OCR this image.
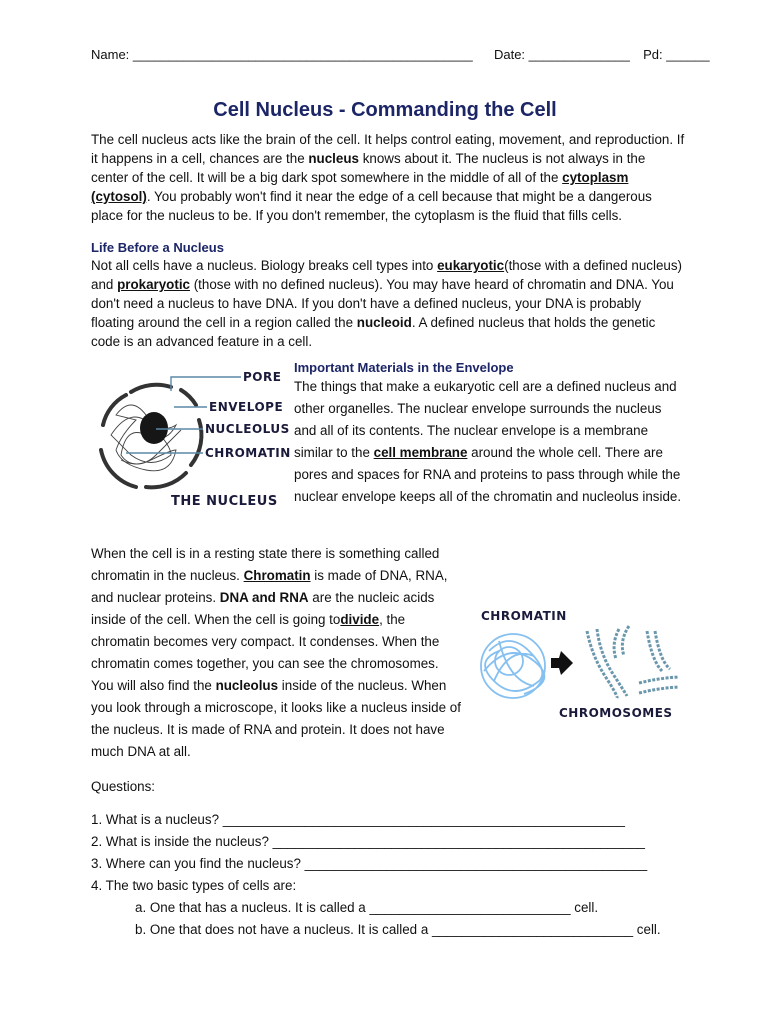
Name: _______________________________________________ Date: ______________ Pd: ______
Cell Nucleus - Commanding the Cell
The cell nucleus acts like the brain of the cell. It helps control eating, movement, and reproduction. If it happens in a cell, chances are the nucleus knows about it. The nucleus is not always in the center of the cell. It will be a big dark spot somewhere in the middle of all of the cytoplasm (cytosol). You probably won't find it near the edge of a cell because that might be a dangerous place for the nucleus to be. If you don't remember, the cytoplasm is the fluid that fills cells.
Life Before a Nucleus
Not all cells have a nucleus. Biology breaks cell types into eukaryotic(those with a defined nucleus) and prokaryotic (those with no defined nucleus). You may have heard of chromatin and DNA. You don't need a nucleus to have DNA. If you don't have a defined nucleus, your DNA is probably floating around the cell in a region called the nucleoid. A defined nucleus that holds the genetic code is an advanced feature in a cell.
PORE
ENVELOPE
NUCLEOLUS
CHROMATIN
THE NUCLEUS
Important Materials in the Envelope
The things that make a eukaryotic cell are a defined nucleus and other organelles. The nuclear envelope surrounds the nucleus and all of its contents. The nuclear envelope is a membrane similar to the cell membrane around the whole cell. There are pores and spaces for RNA and proteins to pass through while the nuclear envelope keeps all of the chromatin and nucleolus inside.
CHROMATIN
CHROMOSOMES
When the cell is in a resting state there is something called chromatin in the nucleus. Chromatin is made of DNA, RNA, and nuclear proteins. DNA and RNA are the nucleic acids inside of the cell. When the cell is going todivide, the chromatin becomes very compact. It condenses. When the chromatin comes together, you can see the chromosomes. You will also find the nucleolus inside of the nucleus. When you look through a microscope, it looks like a nucleus inside of the nucleus. It is made of RNA and protein. It does not have much DNA at all.
Questions:
1. What is a nucleus? ______________________________________________________
2. What is inside the nucleus? __________________________________________________
3. Where can you find the nucleus? ______________________________________________
4. The two basic types of cells are:
a. One that has a nucleus. It is called a ___________________________ cell.
b. One that does not have a nucleus. It is called a ___________________________ cell.
